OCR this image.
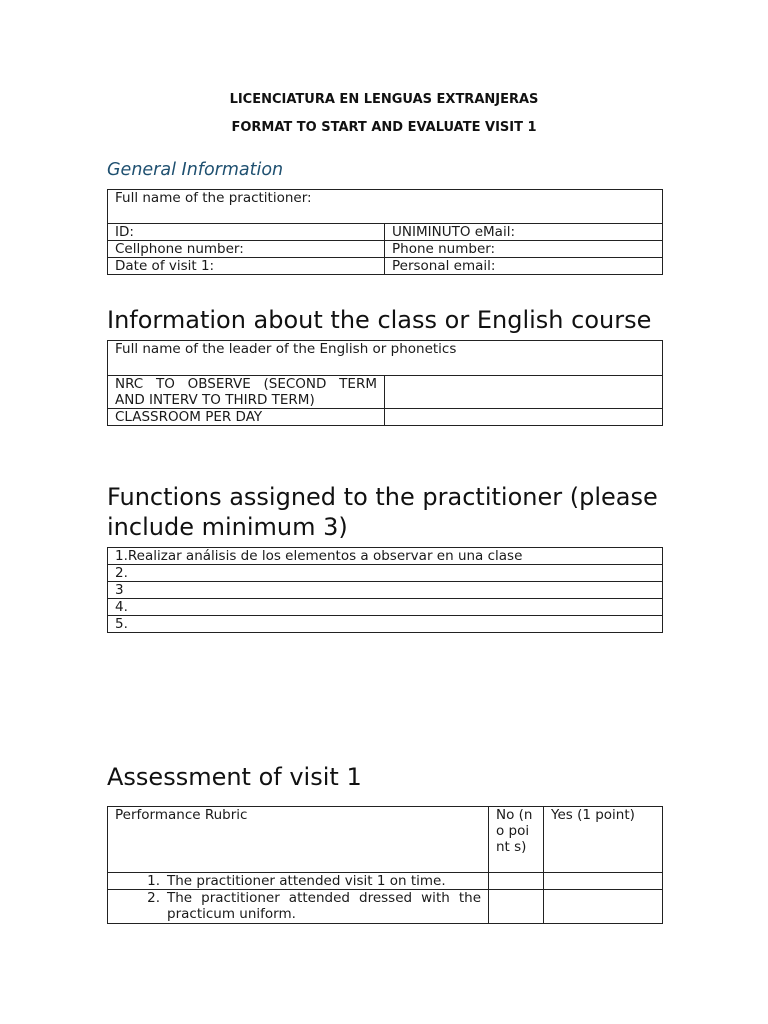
LICENCIATURA EN LENGUAS EXTRANJERAS
FORMAT TO START AND EVALUATE VISIT 1
General Information
Full name of the practitioner:	
ID:	UNIMINUTO eMail:
Cellphone number:	Phone number:
Date of visit 1:	Personal email:
Information about the class or English course
Full name of the leader of the English or phonetics	
NRC TO OBSERVE (SECOND TERM AND INTERV TO THIRD TERM)	
CLASSROOM PER DAY	
Functions assigned to the practitioner (please include minimum 3)
1.Realizar análisis de los elementos a observar en una clase
2.
3
4.
5.
Assessment of visit 1
Performance Rubric	No (no point s)	Yes (1 point)

1. The practitioner attended visit 1 on time.		

2. The practitioner attended dressed with the practicum uniform.		
